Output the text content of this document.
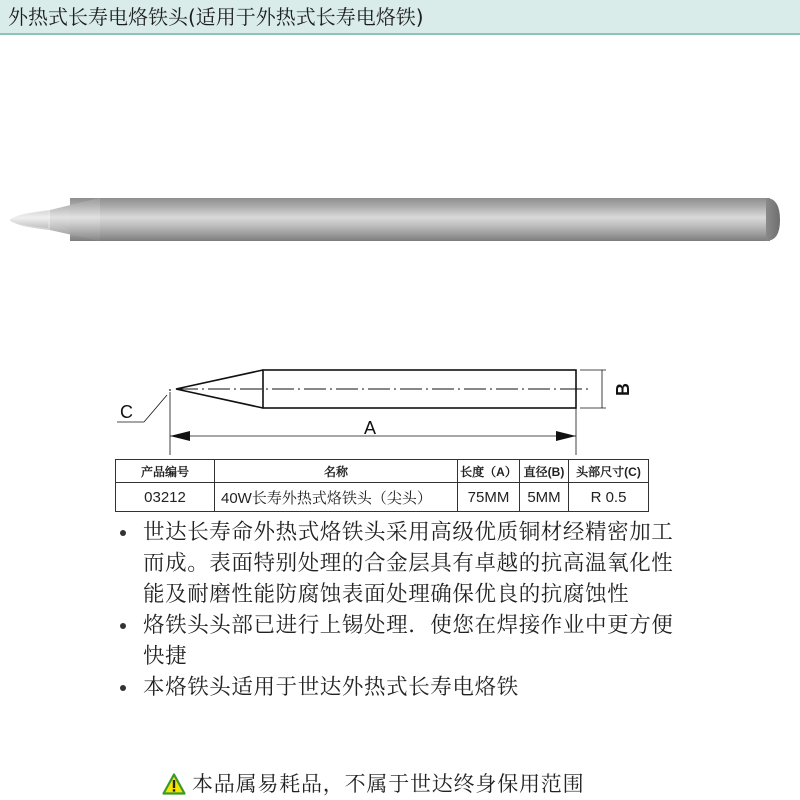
外热式长寿电烙铁头(适用于外热式长寿电烙铁)
C
A
B
产品编号	名称	长度（A）	直径(B)	头部尺寸(C)
03212	40W长寿外热式烙铁头（尖头）	75MM	5MM	R 0.5
世达长寿命外热式烙铁头采用高级优质铜材经精密加工而成。表面特别处理的合金层具有卓越的抗高温氧化性能及耐磨性能防腐蚀表面处理确保优良的抗腐蚀性
烙铁头头部已进行上锡处理．使您在焊接作业中更方便快捷
本烙铁头适用于世达外热式长寿电烙铁
本品属易耗品，不属于世达终身保用范围
